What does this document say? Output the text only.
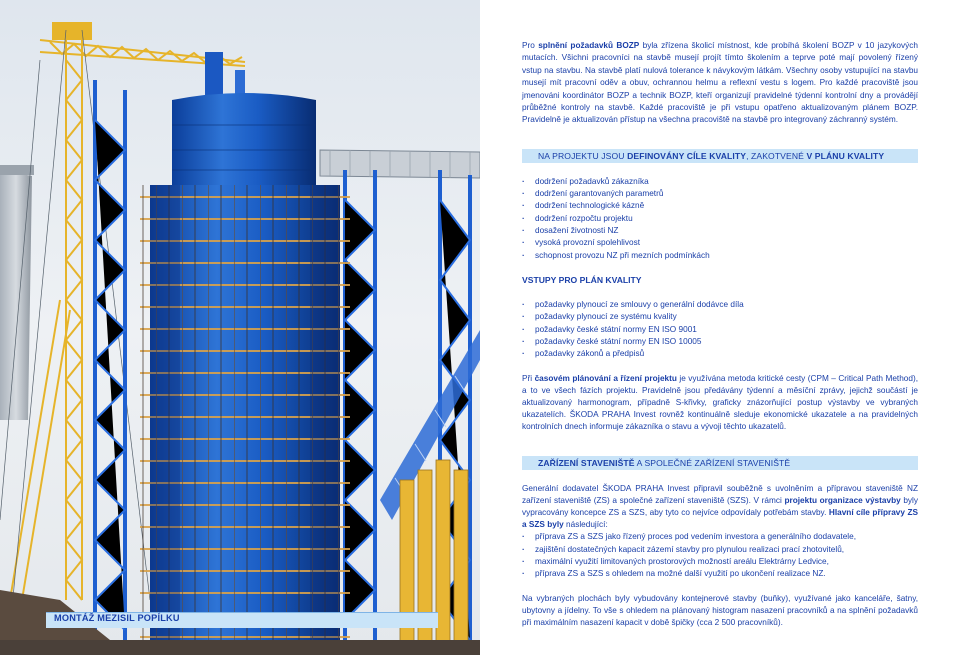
MONTÁŽ MEZISIL POPÍLKU

Pro splnění požadavků BOZP byla zřízena školicí místnost, kde probíhá školení BOZP v 10 jazykových mutacích. Všichni pracovníci na stavbě musejí projít tímto školením a teprve poté mají povolený řízený vstup na stavbu. Na stavbě platí nulová tolerance k návykovým látkám. Všechny osoby vstupující na stavbu musejí mít pracovní oděv a obuv, ochrannou helmu a reflexní vestu s logem. Pro každé pracoviště jsou jmenováni koordinátor BOZP a technik BOZP, kteří organizují pravidelné týdenní kontrolní dny a provádějí průběžné kontroly na stavbě. Každé pracoviště je při vstupu opatřeno aktualizovaným plánem BOZP. Pravidelně je aktualizován přístup na všechna pracoviště na stavbě pro integrovaný záchranný systém.

NA PROJEKTU JSOU DEFINOVÁNY CÍLE KVALITY, ZAKOTVENÉ V PLÁNU KVALITY
· dodržení požadavků zákazníka
· dodržení garantovaných parametrů
· dodržení technologické kázně
· dodržení rozpočtu projektu
· dosažení životnosti NZ
· vysoká provozní spolehlivost
· schopnost provozu NZ při mezních podmínkách

VSTUPY PRO PLÁN KVALITY

· požadavky plynoucí ze smlouvy o generální dodávce díla
· požadavky plynoucí ze systému kvality
· požadavky české státní normy EN ISO 9001
· požadavky české státní normy EN ISO 10005
· požadavky zákonů a předpisů

Při časovém plánování a řízení projektu je využívána metoda kritické cesty (CPM – Critical Path Method), a to ve všech fázích projektu. Pravidelně jsou předávány týdenní a měsíční zprávy, jejichž součástí je aktualizovaný harmonogram, případně S-křivky, graficky znázorňující postup výstavby ve vybraných ukazatelích. ŠKODA PRAHA Invest rovněž kontinuálně sleduje ekonomické ukazatele a na pravidelných kontrolních dnech informuje zákazníka o stavu a vývoji těchto ukazatelů.

ZAŘÍZENÍ STAVENIŠTĚ A SPOLEČNÉ ZAŘÍZENÍ STAVENIŠTĚ

Generální dodavatel ŠKODA PRAHA Invest připravil souběžně s uvolněním a přípravou staveniště NZ zařízení staveniště (ZS) a společné zařízení staveniště (SZS). V rámci projektu organizace výstavby byly vypracovány koncepce ZS a SZS, aby tyto co nejvíce odpovídaly potřebám stavby. Hlavní cíle přípravy ZS a SZS byly následující:

· příprava ZS a SZS jako řízený proces pod vedením investora a generálního dodavatele,
· zajištění dostatečných kapacit zázemí stavby pro plynulou realizaci prací zhotovitelů,
· maximální využití limitovaných prostorových možností areálu Elektrárny Ledvice,
· příprava ZS a SZS s ohledem na možné další využití po ukončení realizace NZ.

Na vybraných plochách byly vybudovány kontejnerové stavby (buňky), využívané jako kanceláře, šatny, ubytovny a jídelny. To vše s ohledem na plánovaný histogram nasazení pracovníků a na splnění požadavků při maximálním nasazení kapacit v době špičky (cca 2 500 pracovníků).
